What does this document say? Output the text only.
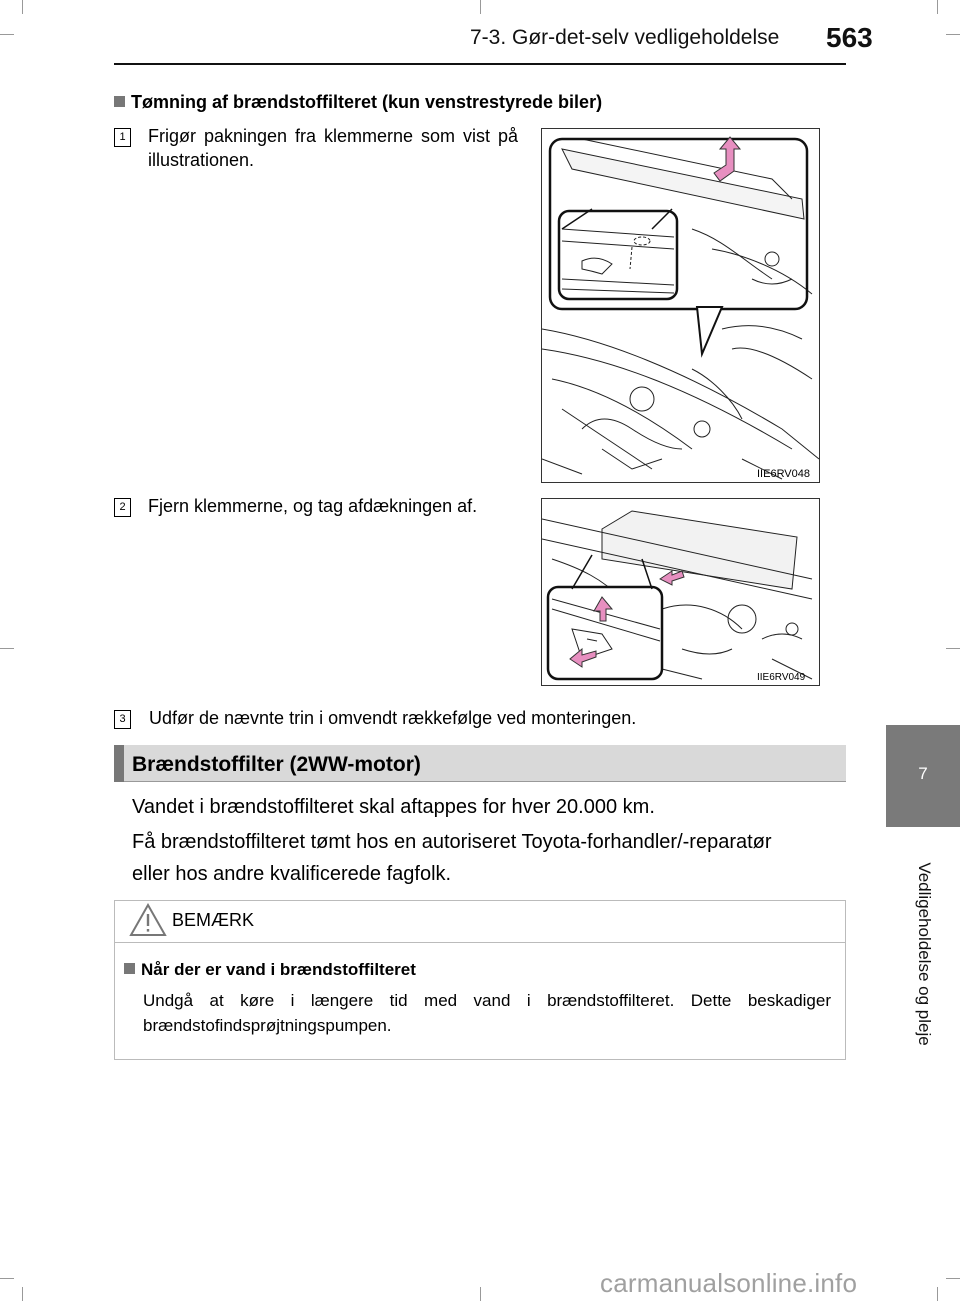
7-3. Gør-det-selv vedligeholdelse 563
7
Vedligeholdelse og pleje
Tømning af brændstoffilteret (kun venstrestyrede biler)
1	Frigør pakningen fra klemmerne som vist på illustrationen.
IIE6RV048
2	Fjern klemmerne, og tag afdækningen af.
IIE6RV049
3	Udfør de nævnte trin i omvendt rækkefølge ved monteringen.
Brændstoffilter (2WW-motor)
Vandet i brændstoffilteret skal aftappes for hver 20.000 km.
Få brændstoffilteret tømt hos en autoriseret Toyota-forhandler/-reparatør
eller hos andre kvalificerede fagfolk.
BEMÆRK
Når der er vand i brændstoffilteret
Undgå at køre i længere tid med vand i brændstoffilteret. Dette beskadiger brændstofindsprøjtningspumpen.
carmanualsonline.info
